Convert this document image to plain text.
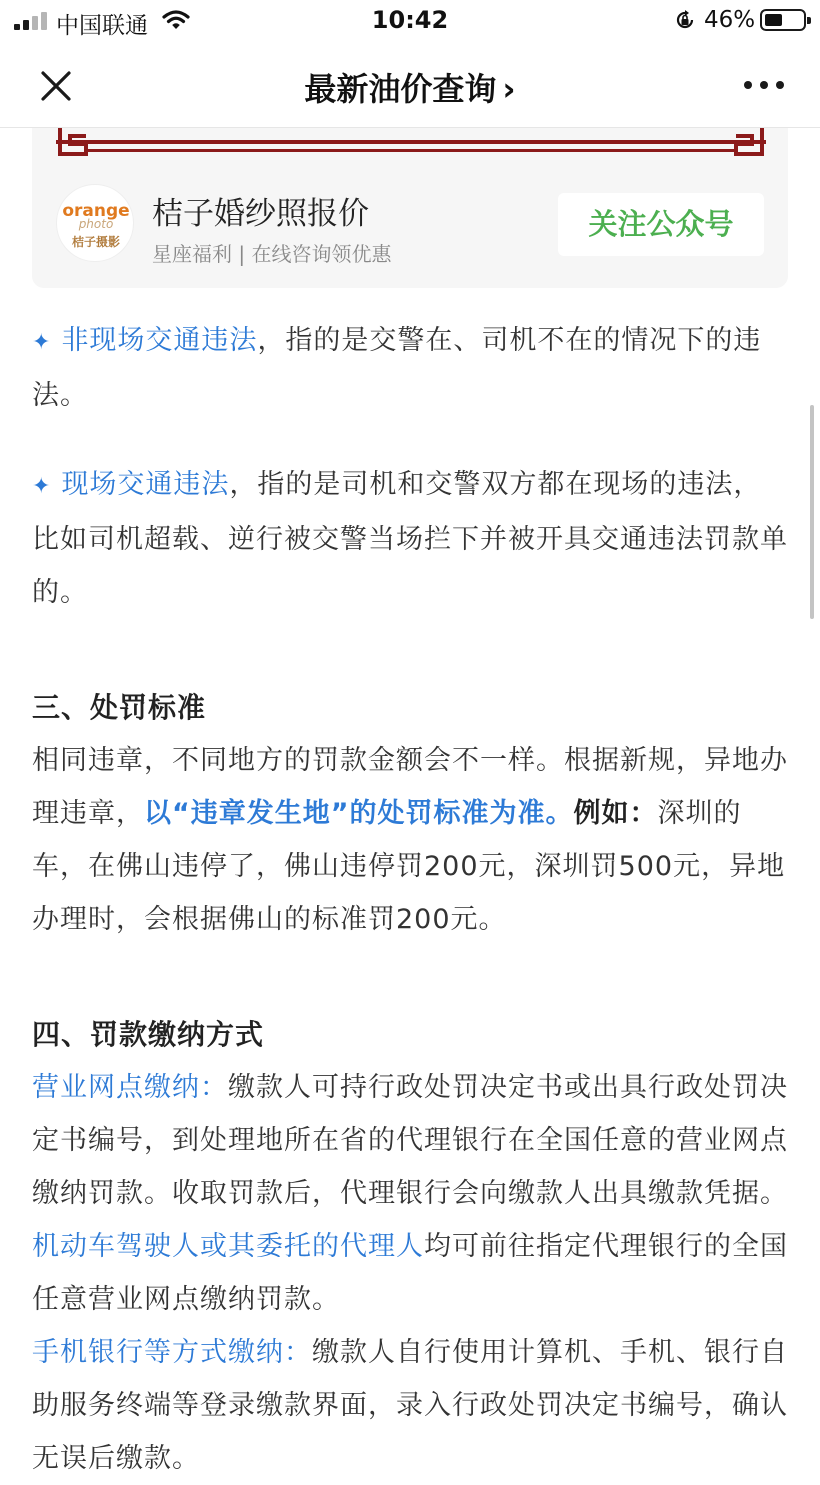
中国联通	10:42	46%
最新油价查询 ›
orange
photo
桔子摄影
桔子婚纱照报价
星座福利 | 在线咨询领优惠
关注公众号

✦ 非现场交通违法，指的是交警在、司机不在的情况下的违法。

✦ 现场交通违法，指的是司机和交警双方都在现场的违法，比如司机超载、逆行被交警当场拦下并被开具交通违法罚款单的。

三、处罚标准

相同违章，不同地方的罚款金额会不一样。根据新规，异地办理违章，以“违章发生地”的处罚标准为准。例如：深圳的车，在佛山违停了，佛山违停罚200元，深圳罚500元，异地办理时，会根据佛山的标准罚200元。

四、罚款缴纳方式

营业网点缴纳：缴款人可持行政处罚决定书或出具行政处罚决定书编号，到处理地所在省的代理银行在全国任意的营业网点缴纳罚款。收取罚款后，代理银行会向缴款人出具缴款凭据。

机动车驾驶人或其委托的代理人均可前往指定代理银行的全国任意营业网点缴纳罚款。

手机银行等方式缴纳：缴款人自行使用计算机、手机、银行自助服务终端等登录缴款界面，录入行政处罚决定书编号，确认无误后缴款。
